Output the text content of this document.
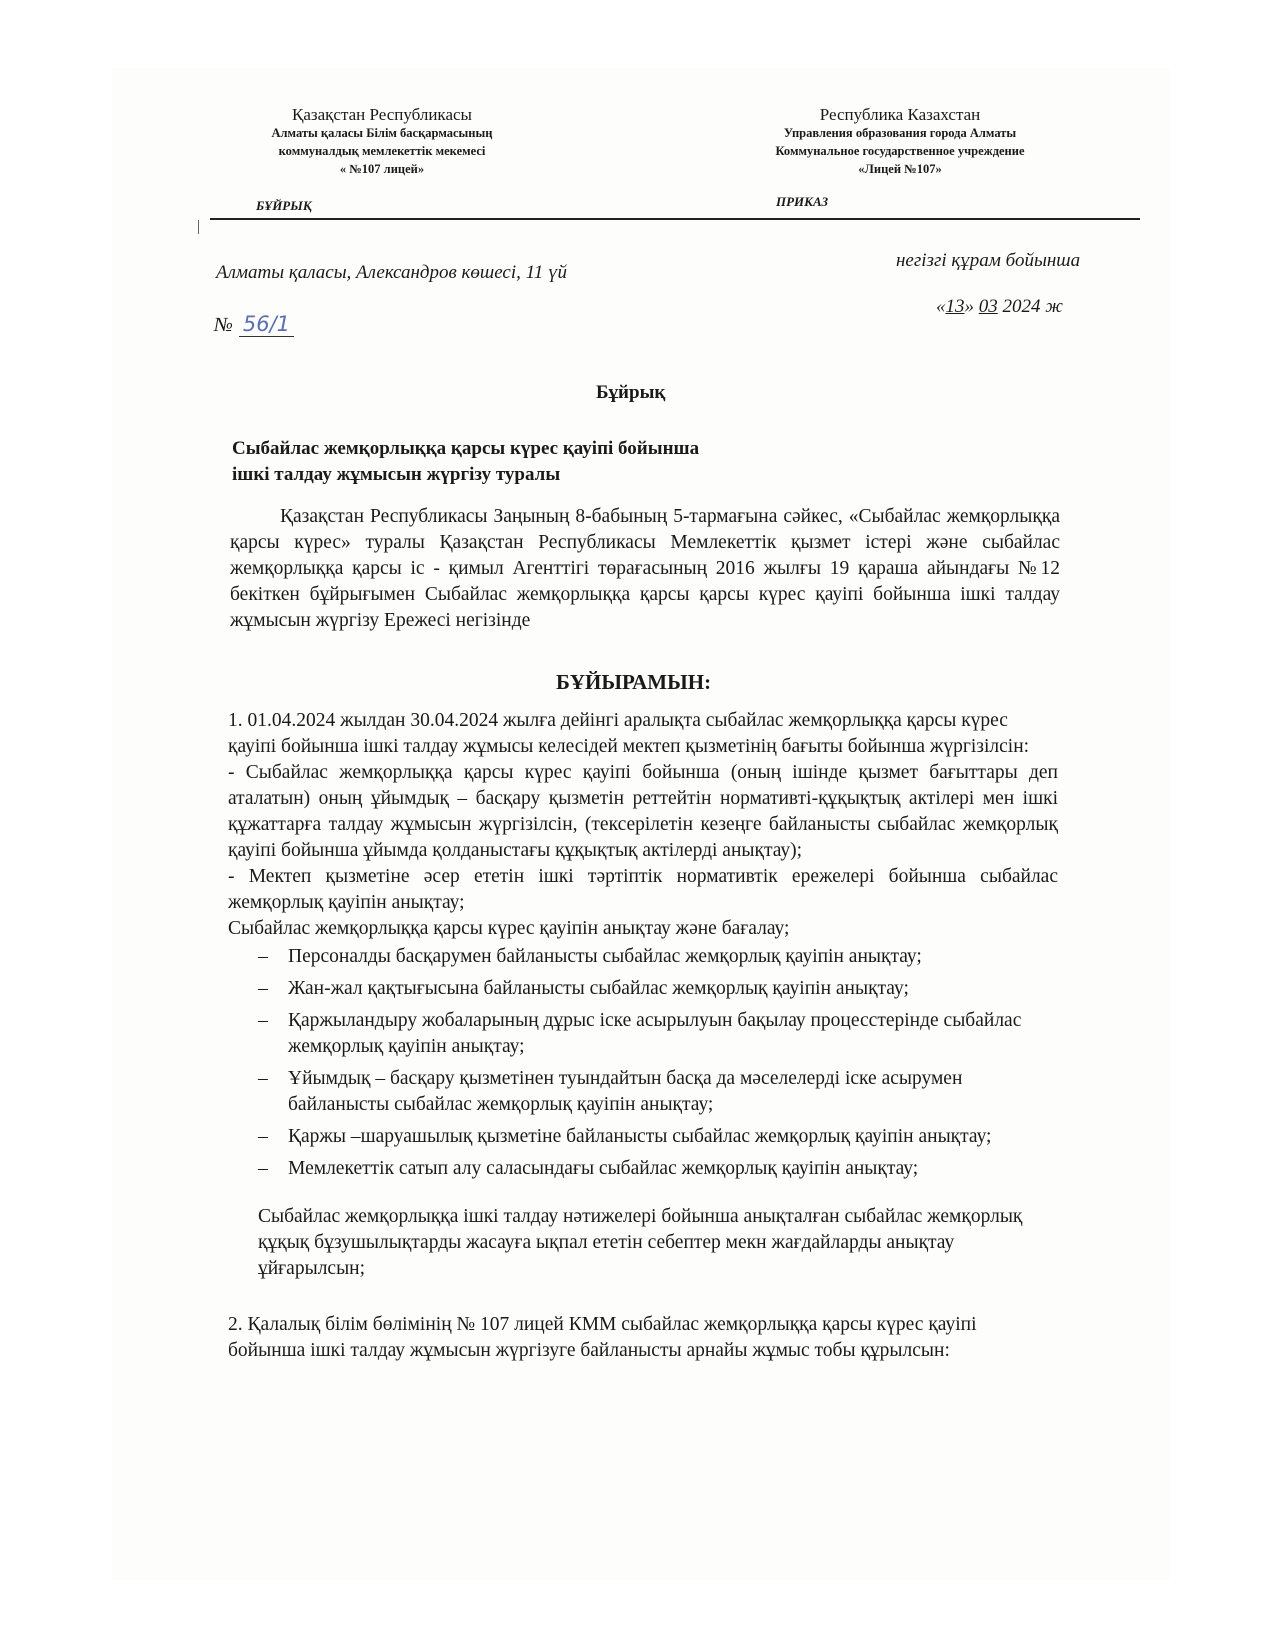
Қазақстан Республикасы
Алматы қаласы Білім басқармасының
коммуналдық мемлекеттік мекемесі
« №107 лицей»
Республика Казахстан
Управления образования города Алматы
Коммунальное государственное учреждение
«Лицей №107»
БҰЙРЫҚ	ПРИКАЗ
Алматы қаласы, Александров көшесі, 11 үй
негізгі құрам бойынша
№ 56/1
«13» 03 2024 ж
Бұйрық
Сыбайлас жемқорлыққа қарсы күрес қауіпі бойынша
ішкі талдау жұмысын жүргізу туралы
Қазақстан Республикасы Заңының 8-бабының 5-тармағына сәйкес, «Сыбайлас жемқорлыққа қарсы күрес» туралы Қазақстан Республикасы Мемлекеттік қызмет істері және сыбайлас жемқорлыққа қарсы іс - қимыл Агенттігі төрағасының 2016 жылғы 19 қараша айындағы №12 бекіткен бұйрығымен Сыбайлас жемқорлыққа қарсы қарсы күрес қауіпі бойынша ішкі талдау жұмысын жүргізу Ережесі негізінде
БҰЙЫРАМЫН:

1. 01.04.2024 жылдан 30.04.2024 жылға дейінгі аралықта сыбайлас жемқорлыққа қарсы күрес қауіпі бойынша ішкі талдау жұмысы келесідей мектеп қызметінің бағыты бойынша жүргізілсін:

- Сыбайлас жемқорлыққа қарсы күрес қауіпі бойынша (оның ішінде қызмет бағыттары деп аталатын) оның ұйымдық – басқару қызметін реттейтін нормативті-құқықтық актілері мен ішкі құжаттарға талдау жұмысын жүргізілсін, (тексерілетін кезеңге байланысты сыбайлас жемқорлық қауіпі бойынша ұйымда қолданыстағы құқықтық актілерді анықтау);

- Мектеп қызметіне әсер ететін ішкі тәртіптік нормативтік ережелері бойынша сыбайлас жемқорлық қауіпін анықтау;

Сыбайлас жемқорлыққа қарсы күрес қауіпін анықтау және бағалау;

– Персоналды басқарумен байланысты сыбайлас жемқорлық қауіпін анықтау;
– Жан-жал қақтығысына байланысты сыбайлас жемқорлық қауіпін анықтау;
– Қаржыландыру жобаларының дұрыс іске асырылуын бақылау процесстерінде сыбайлас жемқорлық қауіпін анықтау;
– Ұйымдық – басқару қызметінен туындайтын басқа да мәселелерді іске асырумен байланысты сыбайлас жемқорлық қауіпін анықтау;
– Қаржы –шаруашылық қызметіне байланысты сыбайлас жемқорлық қауіпін анықтау;
– Мемлекеттік сатып алу саласындағы сыбайлас жемқорлық қауіпін анықтау;

Сыбайлас жемқорлыққа ішкі талдау нәтижелері бойынша анықталған сыбайлас жемқорлық құқық бұзушылықтарды жасауға ықпал ететін себептер мекн жағдайларды анықтау ұйғарылсын;

2. Қалалық білім бөлімінің № 107 лицей КММ сыбайлас жемқорлыққа қарсы күрес қауіпі бойынша ішкі талдау жұмысын жүргізуге байланысты арнайы жұмыс тобы құрылсын:
